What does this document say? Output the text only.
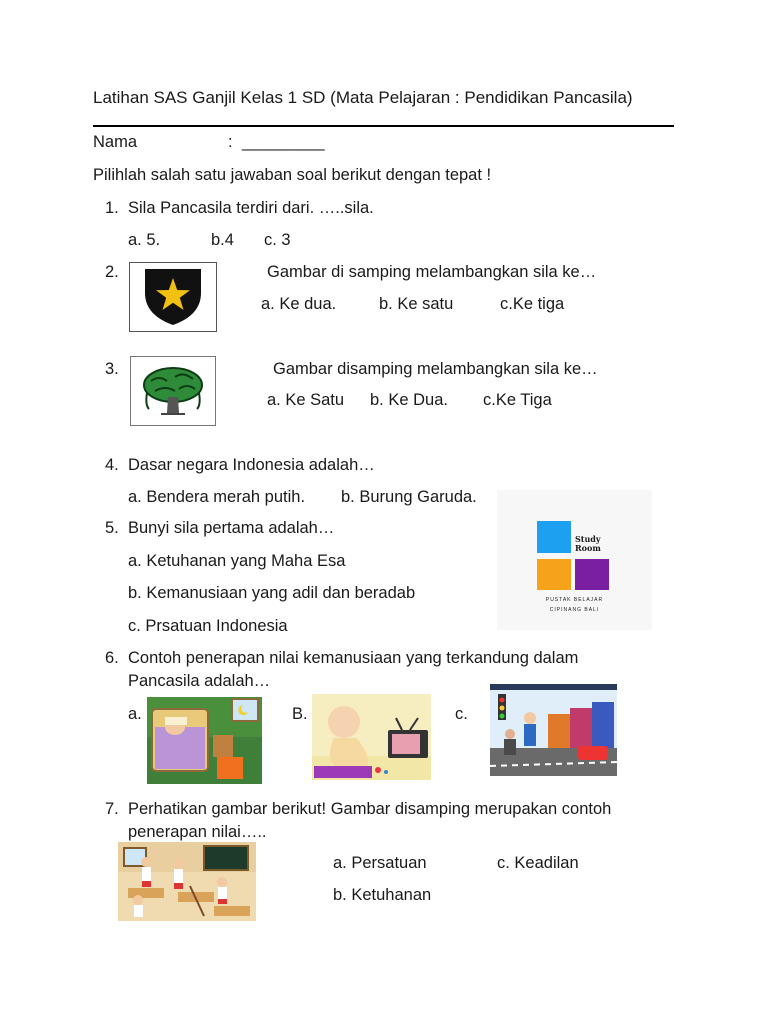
Latihan SAS Ganjil Kelas 1 SD (Mata Pelajaran : Pendidikan Pancasila)
Nama	: _________
Pilihlah salah satu jawaban soal berikut dengan tepat !
1. Sila Pancasila terdiri dari. …..sila.
a. 5.	b.4 c. 3
2.	Gambar di samping melambangkan sila ke…
a. Ke dua.	b. Ke satu	c.Ke tiga
3.	Gambar disamping melambangkan sila ke…
a. Ke Satu b. Ke Dua. c.Ke Tiga
4. Dasar negara Indonesia adalah…
a. Bendera merah putih. b. Burung Garuda.
5. Bunyi sila pertama adalah…
a. Ketuhanan yang Maha Esa
b. Kemanusiaan yang adil dan beradab
c. Prsatuan Indonesia
Study
Room
PUSTAK BELAJAR
CIPINANG BALI
6. Contoh penerapan nilai kemanusiaan yang terkandung dalam
Pancasila adalah…
a.	B.	c.
7. Perhatikan gambar berikut! Gambar disamping merupakan contoh
penerapan nilai…..
a. Persatuan	c. Keadilan
b. Ketuhanan
